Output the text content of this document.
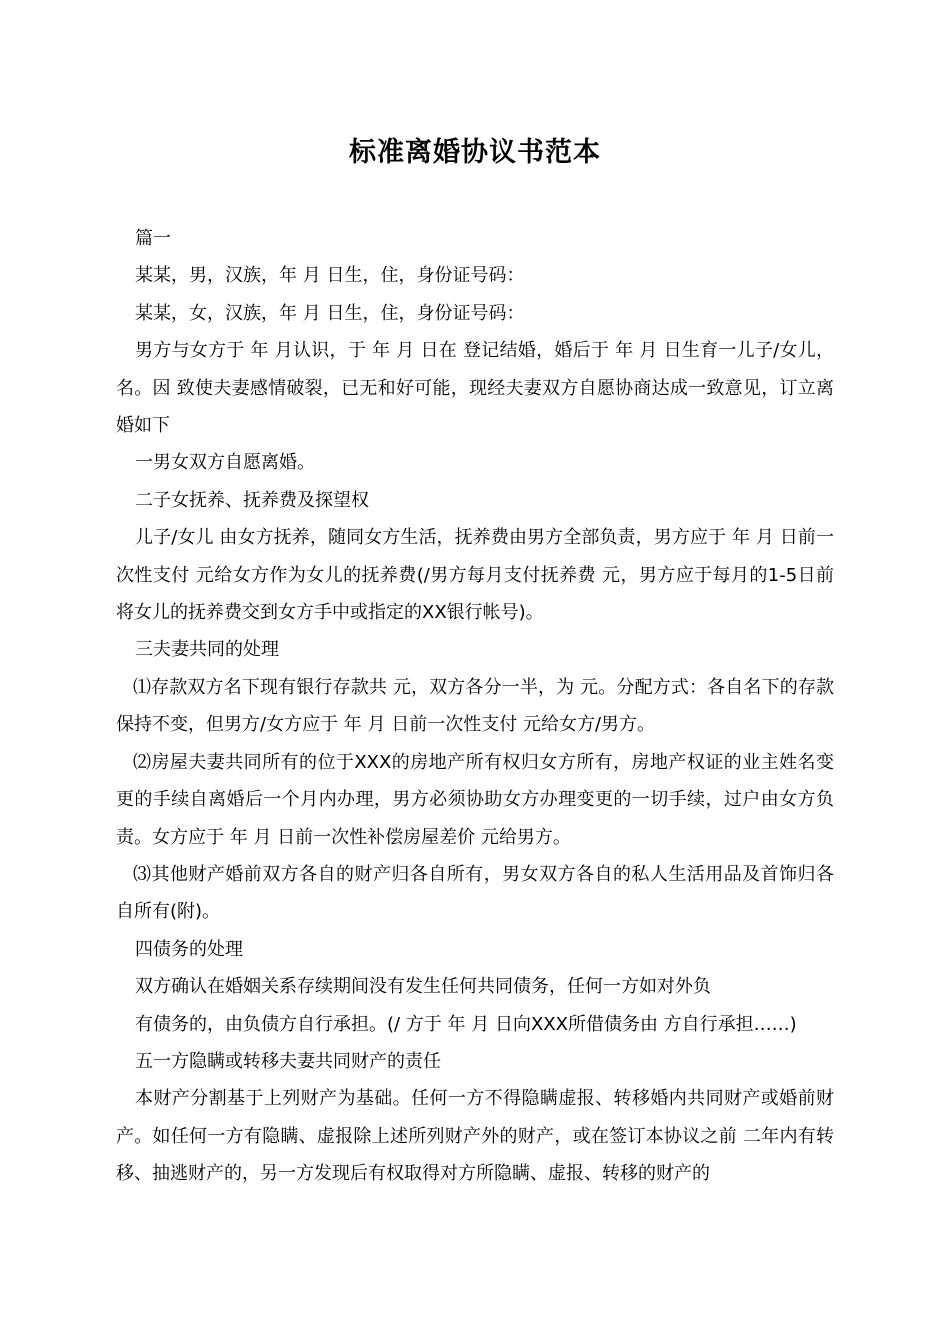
标准离婚协议书范本

篇一

某某，男，汉族，年 月 日生，住，身份证号码：

某某，女，汉族，年 月 日生，住，身份证号码：

男方与女方于 年 月认识，于 年 月 日在 登记结婚，婚后于 年 月 日生育一儿子/女儿，名。因 致使夫妻感情破裂，已无和好可能，现经夫妻双方自愿协商达成一致意见，订立离婚如下

一男女双方自愿离婚。

二子女抚养、抚养费及探望权

儿子/女儿 由女方抚养，随同女方生活，抚养费由男方全部负责，男方应于 年 月 日前一次性支付 元给女方作为女儿的抚养费(/男方每月支付抚养费 元，男方应于每月的1-5日前将女儿的抚养费交到女方手中或指定的XX银行帐号)。

三夫妻共同的处理

⑴存款双方名下现有银行存款共 元，双方各分一半，为 元。分配方式：各自名下的存款保持不变，但男方/女方应于 年 月 日前一次性支付 元给女方/男方。

⑵房屋夫妻共同所有的位于XXX的房地产所有权归女方所有，房地产权证的业主姓名变更的手续自离婚后一个月内办理，男方必须协助女方办理变更的一切手续，过户由女方负责。女方应于 年 月 日前一次性补偿房屋差价 元给男方。

⑶其他财产婚前双方各自的财产归各自所有，男女双方各自的私人生活用品及首饰归各自所有(附)。

四债务的处理

双方确认在婚姻关系存续期间没有发生任何共同债务，任何一方如对外负

有债务的，由负债方自行承担。(/ 方于 年 月 日向XXX所借债务由 方自行承担……)

五一方隐瞒或转移夫妻共同财产的责任

本财产分割基于上列财产为基础。任何一方不得隐瞒虚报、转移婚内共同财产或婚前财产。如任何一方有隐瞒、虚报除上述所列财产外的财产，或在签订本协议之前 二年内有转移、抽逃财产的，另一方发现后有权取得对方所隐瞒、虚报、转移的财产的
